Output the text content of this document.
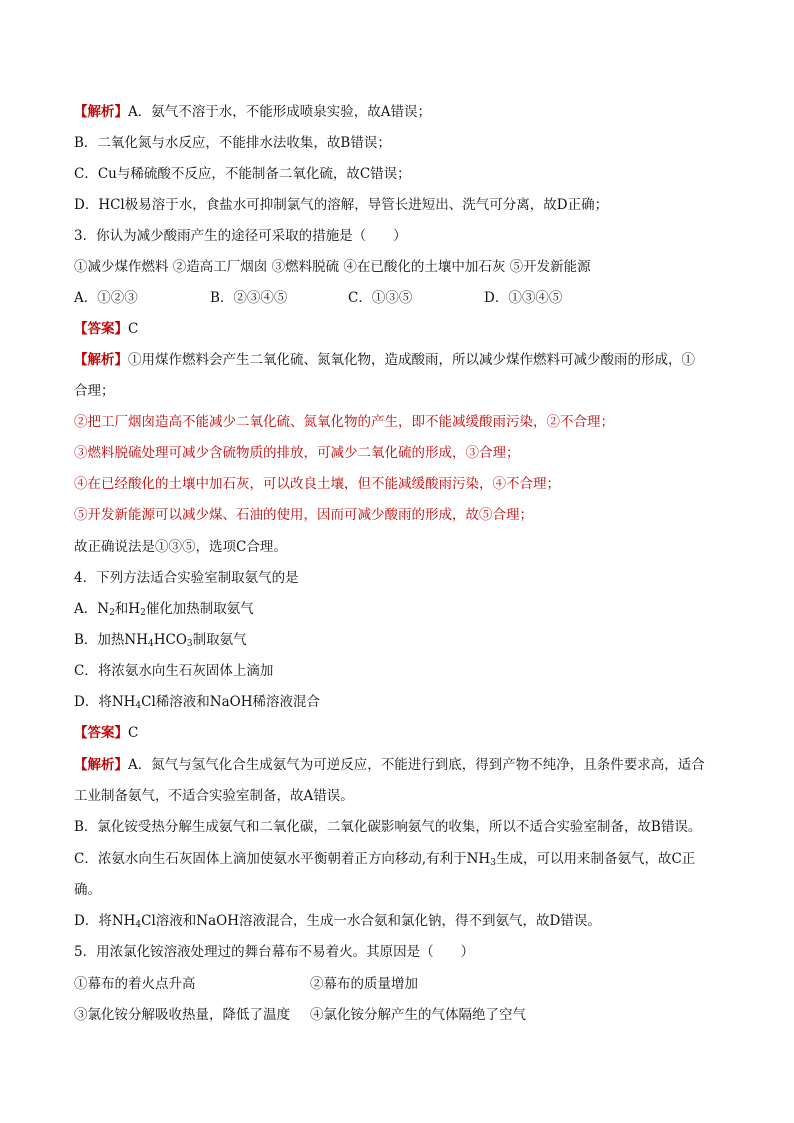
【解析】A．氨气不溶于水，不能形成喷泉实验，故A错误；
B．二氧化氮与水反应，不能排水法收集，故B错误；
C．Cu与稀硫酸不反应，不能制备二氧化硫，故C错误；
D．HCl极易溶于水，食盐水可抑制氯气的溶解，导管长进短出、洗气可分离，故D正确；
3．你认为减少酸雨产生的途径可采取的措施是（　　）
①减少煤作燃料 ②造高工厂烟囱 ③燃料脱硫 ④在已酸化的土壤中加石灰 ⑤开发新能源
A．①②③	B．②③④⑤	C．①③⑤	D．①③④⑤
【答案】C
【解析】①用煤作燃料会产生二氧化硫、氮氧化物，造成酸雨，所以减少煤作燃料可减少酸雨的形成，①
合理；
②把工厂烟囱造高不能减少二氧化硫、氮氧化物的产生，即不能减缓酸雨污染，②不合理；
③燃料脱硫处理可减少含硫物质的排放，可减少二氧化硫的形成，③合理；
④在已经酸化的土壤中加石灰，可以改良土壤，但不能减缓酸雨污染，④不合理；
⑤开发新能源可以减少煤、石油的使用，因而可减少酸雨的形成，故⑤合理；
故正确说法是①③⑤，选项C合理。
4．下列方法适合实验室制取氨气的是
A．$N_2$和$H_2$催化加热制取氨气
B．加热$NH_4HCO_3$制取氨气
C．将浓氨水向生石灰固体上滴加
D．将$NH_4Cl$稀溶液和NaOH稀溶液混合
【答案】C
【解析】A．氮气与氢气化合生成氨气为可逆反应，不能进行到底，得到产物不纯净，且条件要求高，适合
工业制备氨气，不适合实验室制备，故A错误。
B．氯化铵受热分解生成氨气和二氧化碳，二氧化碳影响氨气的收集，所以不适合实验室制备，故B错误。
C．浓氨水向生石灰固体上滴加使氨水平衡朝着正方向移动,有利于$NH_3$生成，可以用来制备氨气，故C正
确。
D．将$NH_4Cl$溶液和NaOH溶液混合，生成一水合氨和氯化钠，得不到氨气，故D错误。
5．用浓氯化铵溶液处理过的舞台幕布不易着火。其原因是（　　）
①幕布的着火点升高	②幕布的质量增加
③氯化铵分解吸收热量，降低了温度 ④氯化铵分解产生的气体隔绝了空气
